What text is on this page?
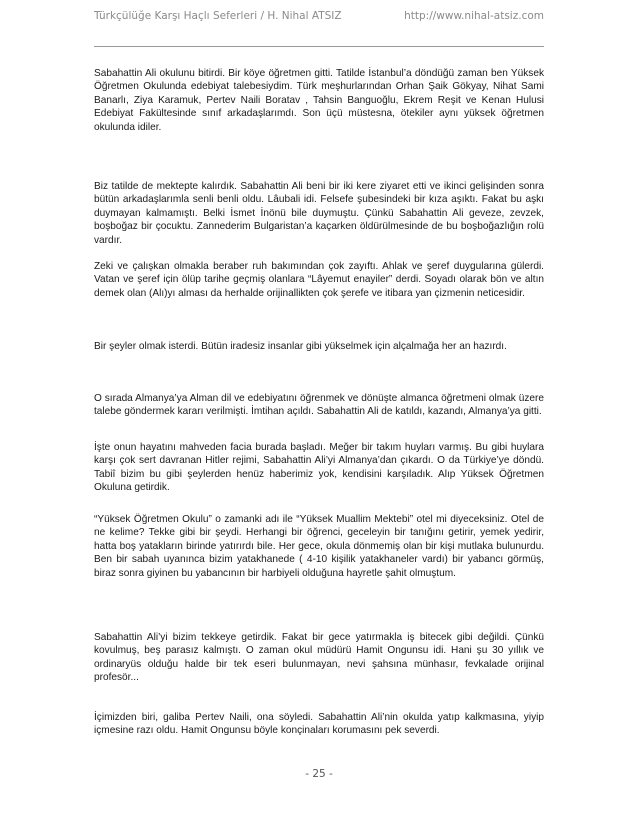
Türkçülüğe Karşı Haçlı Seferleri / H. Nihal ATSIZ	http://www.nihal-atsiz.com

Sabahattin Ali okulunu bitirdi. Bir köye öğretmen gitti. Tatilde İstanbul’a döndüğü zaman ben Yüksek Öğretmen Okulunda edebiyat talebesiydim. Türk meşhurlarından Orhan Şaik Gökyay, Nihat Sami Banarlı, Ziya Karamuk, Pertev Naili Boratav , Tahsin Banguoğlu, Ekrem Reşit ve Kenan Hulusi Edebiyat Fakültesinde sınıf arkadaşlarımdı. Son üçü müstesna, ötekiler aynı yüksek öğretmen okulunda idiler.

Biz tatilde de mektepte kalırdık. Sabahattin Ali beni bir iki kere ziyaret etti ve ikinci gelişinden sonra bütün arkadaşlarımla senli benli oldu. Lâubali idi. Felsefe şubesindeki bir kıza aşıktı. Fakat bu aşkı duymayan kalmamıştı. Belki İsmet İnönü bile duymuştu. Çünkü Sabahattin Ali geveze, zevzek, boşboğaz bir çocuktu. Zannederim Bulgaristan’a kaçarken öldürülmesinde de bu boşboğazlığın rolü vardır.

Zeki ve çalışkan olmakla beraber ruh bakımından çok zayıftı. Ahlak ve şeref duygularına gülerdi. Vatan ve şeref için ölüp tarihe geçmiş olanlara “Lâyemut enayiler” derdi. Soyadı olarak bön ve altın demek olan (Alı)yı alması da herhalde orijinallikten çok şerefe ve itibara yan çizmenin neticesidir.

Bir şeyler olmak isterdi. Bütün iradesiz insanlar gibi yükselmek için alçalmağa her an hazırdı.

O sırada Almanya’ya Alman dil ve edebiyatını öğrenmek ve dönüşte almanca öğretmeni olmak üzere talebe göndermek kararı verilmişti. İmtihan açıldı. Sabahattin Ali de katıldı, kazandı, Almanya’ya gitti.

İşte onun hayatını mahveden facia burada başladı. Meğer bir takım huyları varmış. Bu gibi huylara karşı çok sert davranan Hitler rejimi, Sabahattin Ali’yi Almanya’dan çıkardı. O da Türkiye’ye döndü. Tabiî bizim bu gibi şeylerden henüz haberimiz yok, kendisini karşıladık. Alıp Yüksek Öğretmen Okuluna getirdik.

“Yüksek Öğretmen Okulu” o zamanki adı ile “Yüksek Muallim Mektebi” otel mi diyeceksiniz. Otel de ne kelime? Tekke gibi bir şeydi. Herhangi bir öğrenci, geceleyin bir tanığını getirir, yemek yedirir, hatta boş yatakların birinde yatırırdı bile. Her gece, okula dönmemiş olan bir kişi mutlaka bulunurdu. Ben bir sabah uyanınca bizim yatakhanede ( 4-10 kişilik yatakhaneler vardı) bir yabancı görmüş, biraz sonra giyinen bu yabancının bir harbiyeli olduğuna hayretle şahit olmuştum.

Sabahattin Ali’yi bizim tekkeye getirdik. Fakat bir gece yatırmakla iş bitecek gibi değildi. Çünkü kovulmuş, beş parasız kalmıştı. O zaman okul müdürü Hamit Ongunsu idi. Hani şu 30 yıllık ve ordinaryüs olduğu halde bir tek eseri bulunmayan, nevi şahsına münhasır, fevkalade orijinal profesör...

İçimizden biri, galiba Pertev Naili, ona söyledi. Sabahattin Ali’nin okulda yatıp kalkmasına, yiyip içmesine razı oldu. Hamit Ongunsu böyle konçinaları korumasını pek severdi.

- 25 -
